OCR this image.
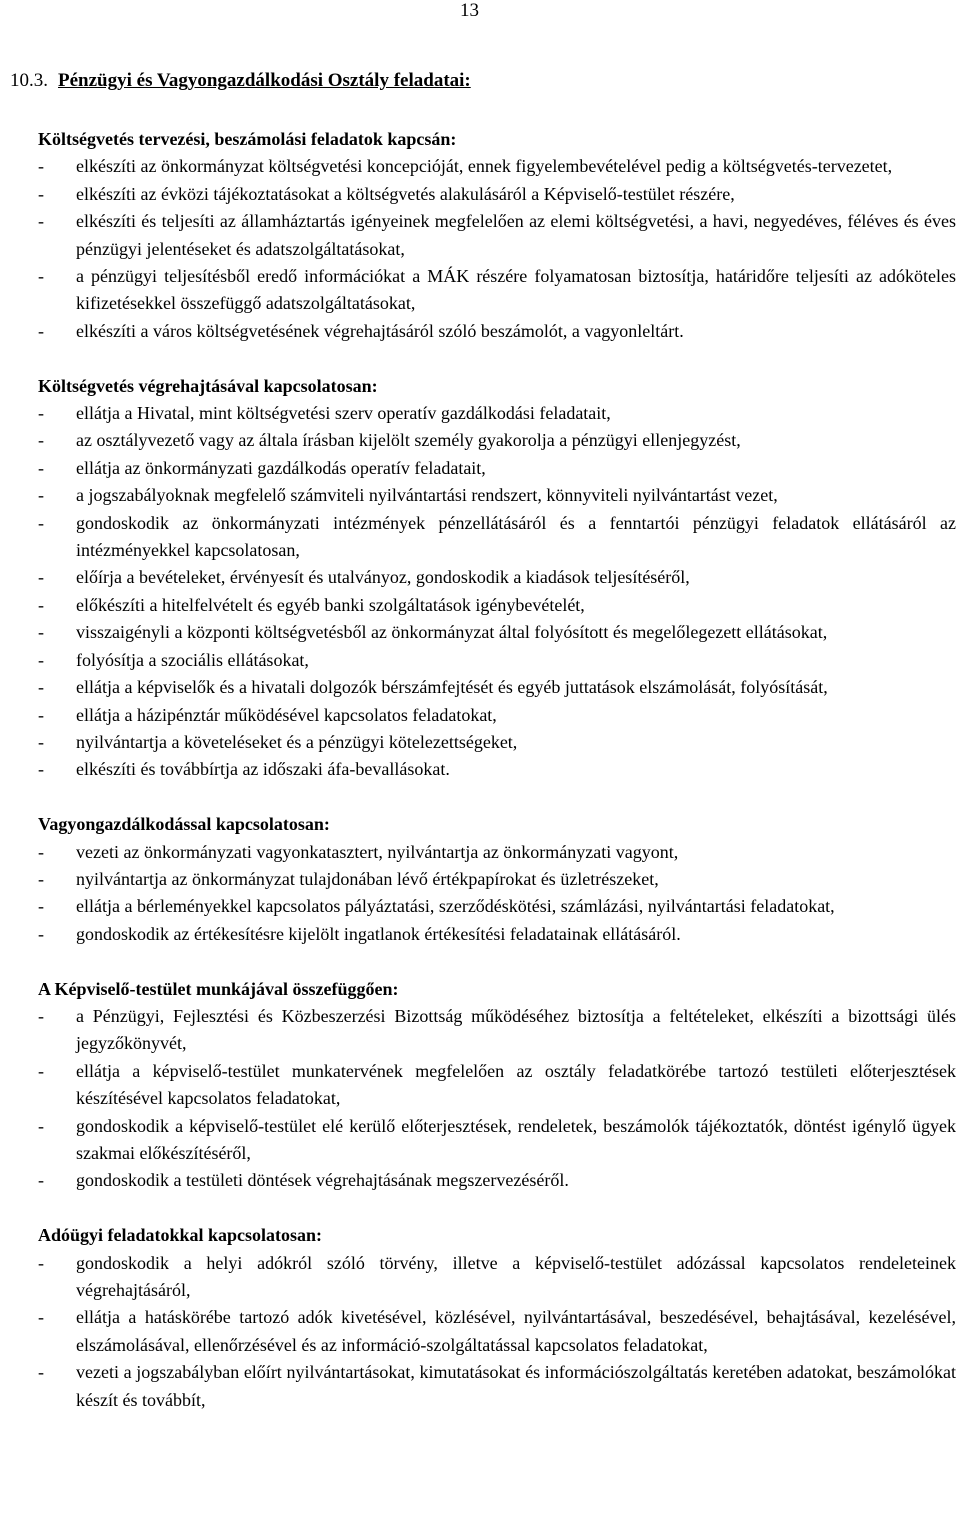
13
10.3. Pénzügyi és Vagyongazdálkodási Osztály feladatai:

Költségvetés tervezési, beszámolási feladatok kapcsán:

- elkészíti az önkormányzat költségvetési koncepcióját, ennek figyelembevételével pedig a költségvetés-tervezetet,
- elkészíti az évközi tájékoztatásokat a költségvetés alakulásáról a Képviselő-testület részére,
- elkészíti és teljesíti az államháztartás igényeinek megfelelően az elemi költségvetési, a havi, negyedéves, féléves és éves pénzügyi jelentéseket és adatszolgáltatásokat,
- a pénzügyi teljesítésből eredő információkat a MÁK részére folyamatosan biztosítja, határidőre teljesíti az adóköteles kifizetésekkel összefüggő adatszolgáltatásokat,
- elkészíti a város költségvetésének végrehajtásáról szóló beszámolót, a vagyonleltárt.

Költségvetés végrehajtásával kapcsolatosan:

- ellátja a Hivatal, mint költségvetési szerv operatív gazdálkodási feladatait,
- az osztályvezető vagy az általa írásban kijelölt személy gyakorolja a pénzügyi ellenjegyzést,
- ellátja az önkormányzati gazdálkodás operatív feladatait,
- a jogszabályoknak megfelelő számviteli nyilvántartási rendszert, könnyviteli nyilvántartást vezet,
- gondoskodik az önkormányzati intézmények pénzellátásáról és a fenntartói pénzügyi feladatok ellátásáról az intézményekkel kapcsolatosan,
- előírja a bevételeket, érvényesít és utalványoz, gondoskodik a kiadások teljesítéséről,
- előkészíti a hitelfelvételt és egyéb banki szolgáltatások igénybevételét,
- visszaigényli a központi költségvetésből az önkormányzat által folyósított és megelőlegezett ellátásokat,
- folyósítja a szociális ellátásokat,
- ellátja a képviselők és a hivatali dolgozók bérszámfejtését és egyéb juttatások elszámolását, folyósítását,
- ellátja a házipénztár működésével kapcsolatos feladatokat,
- nyilvántartja a követeléseket és a pénzügyi kötelezettségeket,
- elkészíti és továbbírtja az időszaki áfa-bevallásokat.

Vagyongazdálkodással kapcsolatosan:

- vezeti az önkormányzati vagyonkatasztert, nyilvántartja az önkormányzati vagyont,
- nyilvántartja az önkormányzat tulajdonában lévő értékpapírokat és üzletrészeket,
- ellátja a bérleményekkel kapcsolatos pályáztatási, szerződéskötési, számlázási, nyilvántartási feladatokat,
- gondoskodik az értékesítésre kijelölt ingatlanok értékesítési feladatainak ellátásáról.

A Képviselő-testület munkájával összefüggően:

- a Pénzügyi, Fejlesztési és Közbeszerzési Bizottság működéséhez biztosítja a feltételeket, elkészíti a bizottsági ülés jegyzőkönyvét,
- ellátja a képviselő-testület munkatervének megfelelően az osztály feladatkörébe tartozó testületi előterjesztések készítésével kapcsolatos feladatokat,
- gondoskodik a képviselő-testület elé kerülő előterjesztések, rendeletek, beszámolók tájékoztatók, döntést igénylő ügyek szakmai előkészítéséről,
- gondoskodik a testületi döntések végrehajtásának megszervezéséről.

Adóügyi feladatokkal kapcsolatosan:

- gondoskodik a helyi adókról szóló törvény, illetve a képviselő-testület adózással kapcsolatos rendeleteinek végrehajtásáról,
- ellátja a hatáskörébe tartozó adók kivetésével, közlésével, nyilvántartásával, beszedésével, behajtásával, kezelésével, elszámolásával, ellenőrzésével és az információ-szolgáltatással kapcsolatos feladatokat,
- vezeti a jogszabályban előírt nyilvántartásokat, kimutatásokat és információszolgáltatás keretében adatokat, beszámolókat készít és továbbít,
